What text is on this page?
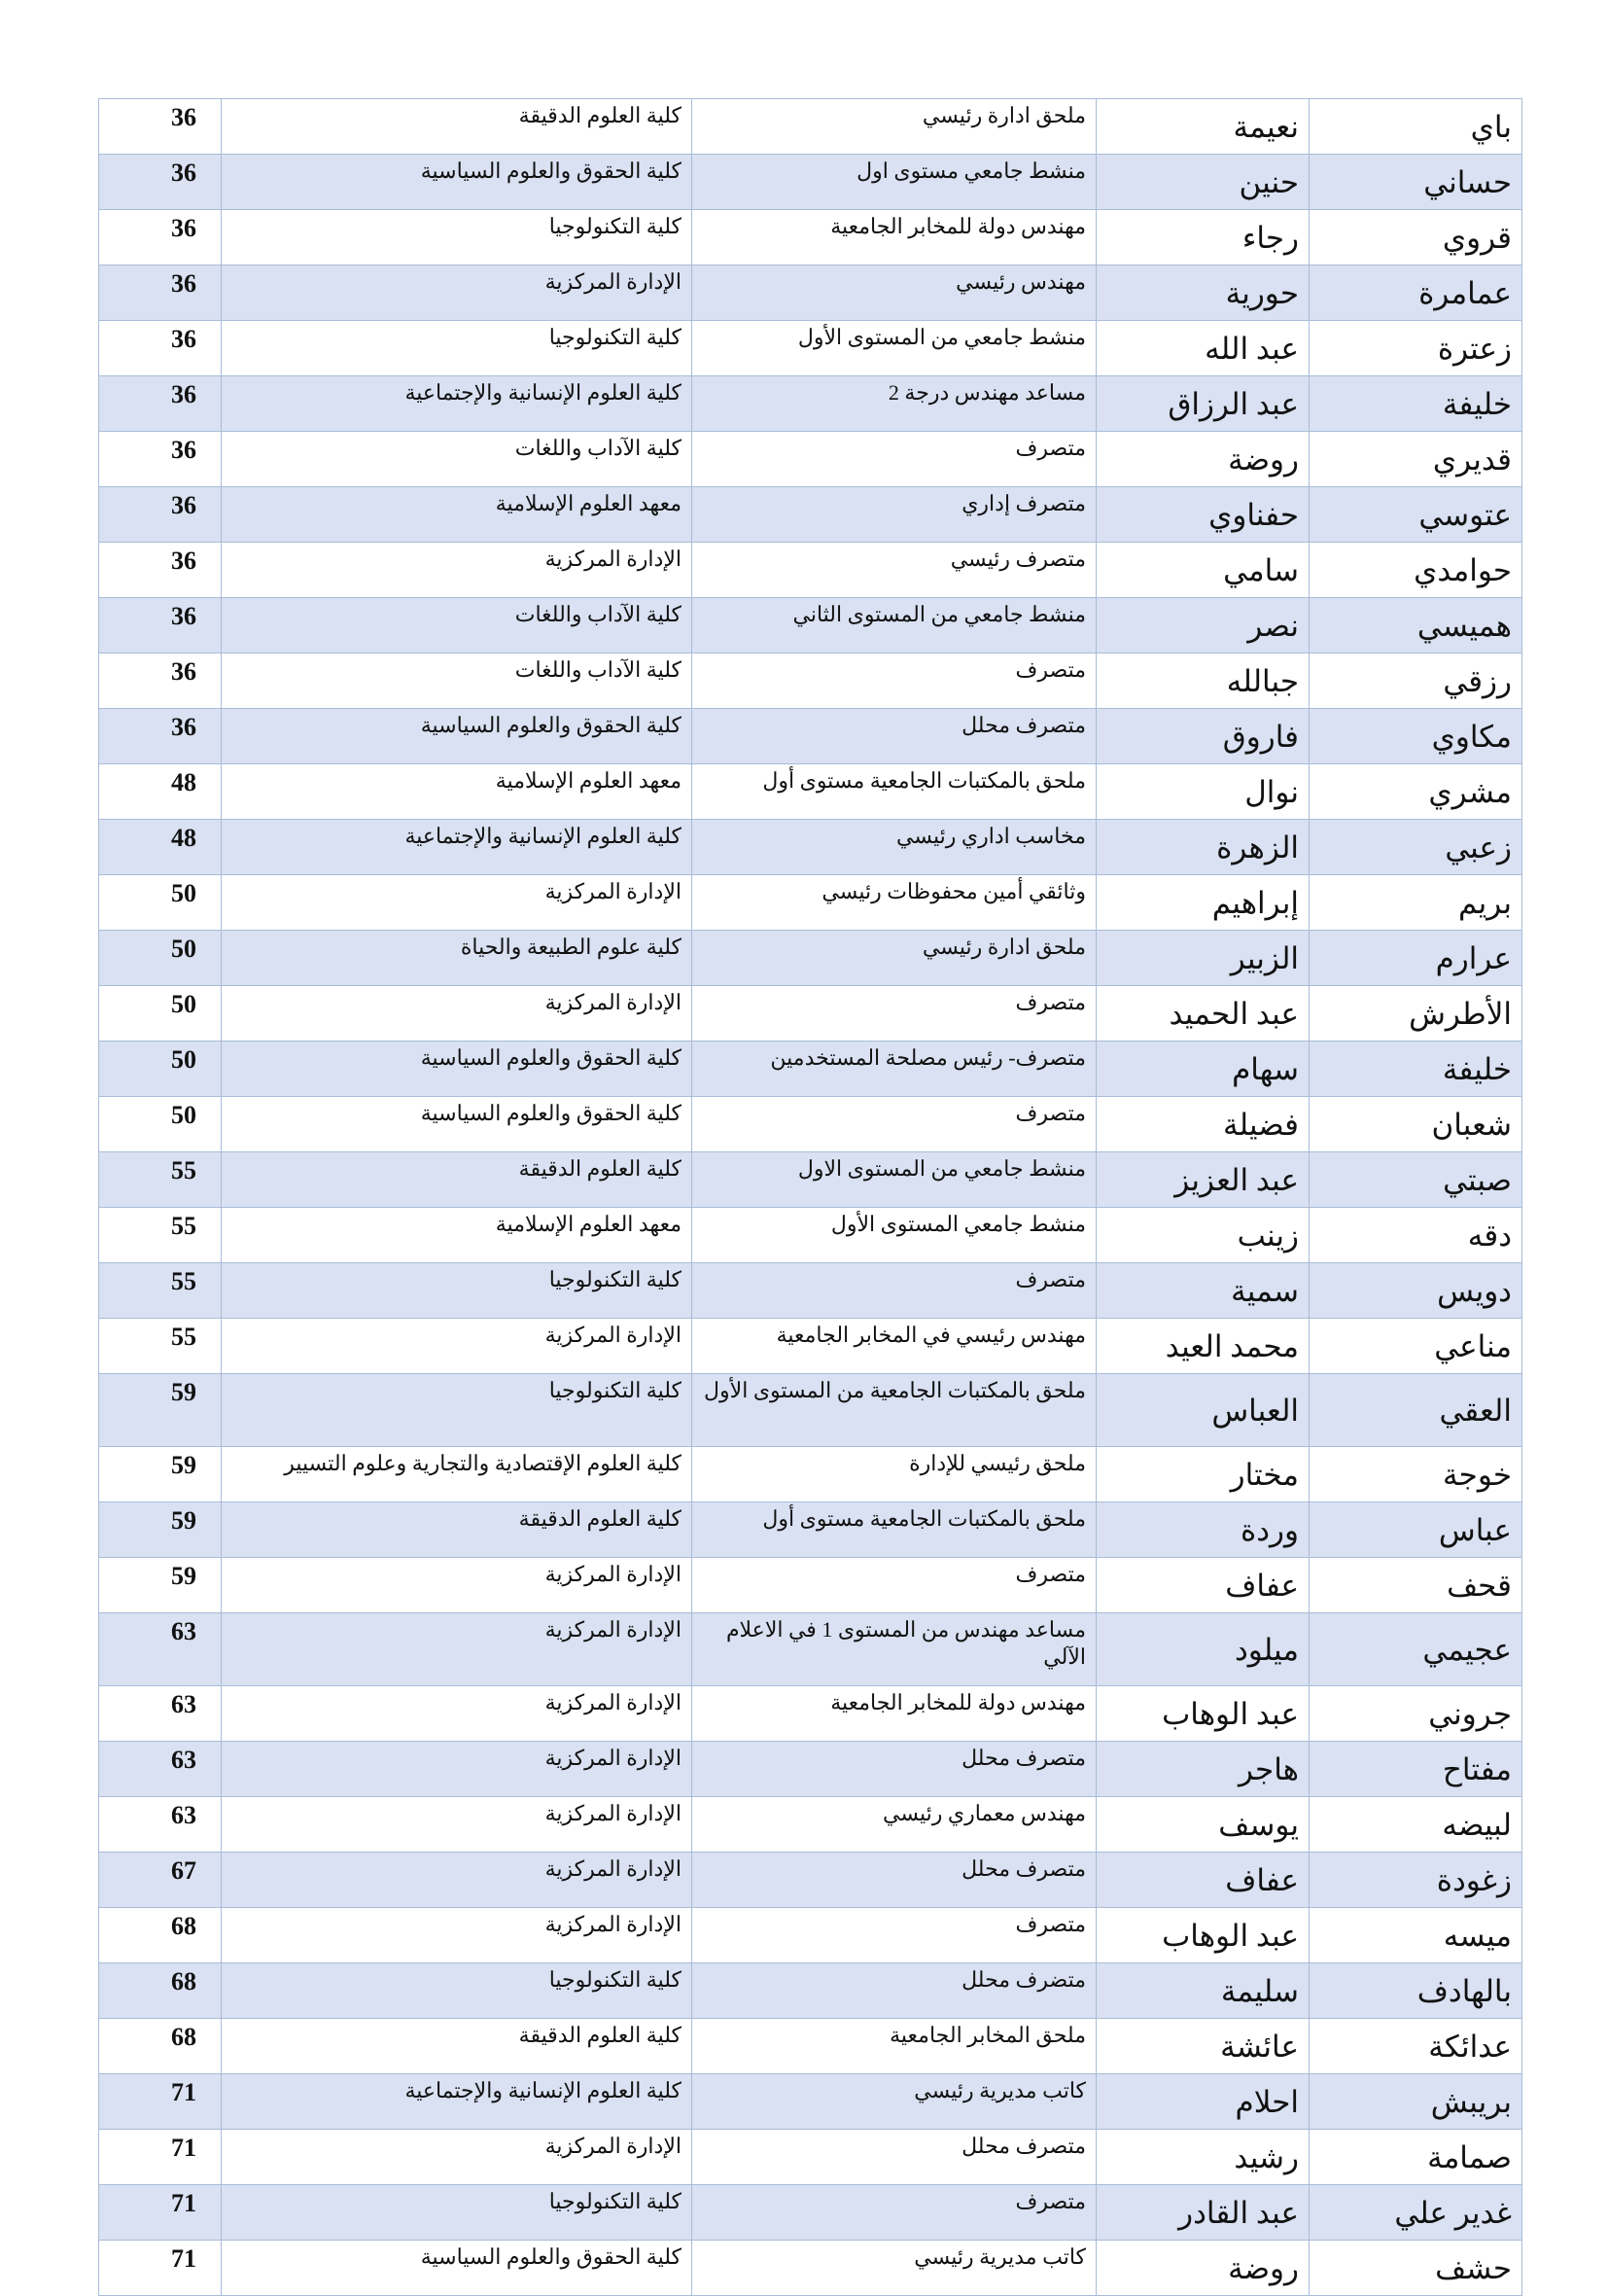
باي	نعيمة	ملحق ادارة رئيسي	كلية العلوم الدقيقة	36
حساني	حنين	منشط جامعي مستوى اول	كلية الحقوق والعلوم السياسية	36
قروي	رجاء	مهندس دولة للمخابر الجامعية	كلية التكنولوجيا	36
عمامرة	حورية	مهندس رئيسي	الإدارة المركزية	36
زعترة	عبد الله	منشط جامعي من المستوى الأول	كلية التكنولوجيا	36
خليفة	عبد الرزاق	مساعد مهندس درجة 2	كلية العلوم الإنسانية والإجتماعية	36
قديري	روضة	متصرف	كلية الآداب واللغات	36
عتوسي	حفناوي	متصرف إداري	معهد العلوم الإسلامية	36
حوامدي	سامي	متصرف رئيسي	الإدارة المركزية	36
هميسي	نصر	منشط جامعي من المستوى الثاني	كلية الآداب واللغات	36
رزقي	جبالله	متصرف	كلية الآداب واللغات	36
مكاوي	فاروق	متصرف محلل	كلية الحقوق والعلوم السياسية	36
مشري	نوال	ملحق بالمكتبات الجامعية مستوى أول	معهد العلوم الإسلامية	48
زعبي	الزهرة	مخاسب اداري رئيسي	كلية العلوم الإنسانية والإجتماعية	48
بريم	إبراهيم	وثائقي أمين محفوظات رئيسي	الإدارة المركزية	50
عرارم	الزبير	ملحق ادارة رئيسي	كلية علوم الطبيعة والحياة	50
الأطرش	عبد الحميد	متصرف	الإدارة المركزية	50
خليفة	سهام	متصرف- رئيس مصلحة المستخدمين	كلية الحقوق والعلوم السياسية	50
شعبان	فضيلة	متصرف	كلية الحقوق والعلوم السياسية	50
صبتي	عبد العزيز	منشط جامعي من المستوى الاول	كلية العلوم الدقيقة	55
دقه	زينب	منشط جامعي المستوى الأول	معهد العلوم الإسلامية	55
دويس	سمية	متصرف	كلية التكنولوجيا	55
مناعي	محمد العيد	مهندس رئيسي في المخابر الجامعية	الإدارة المركزية	55
العقي	العباس	ملحق بالمكتبات الجامعية من المستوى الأول	كلية التكنولوجيا	59
خوجة	مختار	ملحق رئيسي للإدارة	كلية العلوم الإقتصادية والتجارية وعلوم التسيير	59
عباس	وردة	ملحق بالمكتبات الجامعية مستوى أول	كلية العلوم الدقيقة	59
قحف	عفاف	متصرف	الإدارة المركزية	59
عجيمي	ميلود	مساعد مهندس من المستوى 1 في الاعلام الآلي	الإدارة المركزية	63
جروني	عبد الوهاب	مهندس دولة للمخابر الجامعية	الإدارة المركزية	63
مفتاح	هاجر	متصرف محلل	الإدارة المركزية	63
لبيضه	يوسف	مهندس معماري رئيسي	الإدارة المركزية	63
زغودة	عفاف	متصرف محلل	الإدارة المركزية	67
ميسه	عبد الوهاب	متصرف	الإدارة المركزية	68
بالهادف	سليمة	متضرف محلل	كلية التكنولوجيا	68
عدائكة	عائشة	ملحق المخابر الجامعية	كلية العلوم الدقيقة	68
بريبش	احلام	كاتب مديرية رئيسي	كلية العلوم الإنسانية والإجتماعية	71
صمامة	رشيد	متصرف محلل	الإدارة المركزية	71
غدير علي	عبد القادر	متصرف	كلية التكنولوجيا	71
حشف	روضة	كاتب مديرية رئيسي	كلية الحقوق والعلوم السياسية	71
